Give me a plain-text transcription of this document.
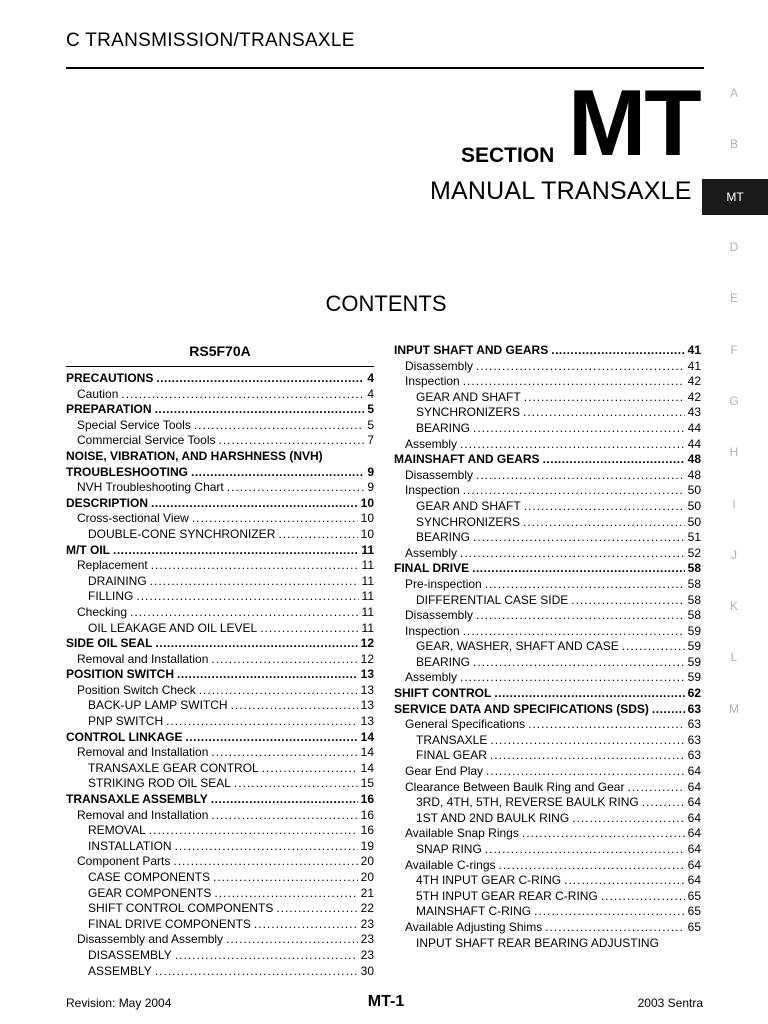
C TRANSMISSION/TRANSAXLE
SECTION MT
MANUAL TRANSAXLE
A
B
MT
D
E
F
G
H
I
J
K
L
M
CONTENTS
RS5F70A
PRECAUTIONS .....	4
Caution .....	4
PREPARATION .....	5
Special Service Tools .....	5
Commercial Service Tools .....	7
NOISE, VIBRATION, AND HARSHNESS (NVH)
TROUBLESHOOTING .....	9
NVH Troubleshooting Chart .....	9
DESCRIPTION .....	10
Cross-sectional View .....	10
DOUBLE-CONE SYNCHRONIZER .....	10
M/T OIL .....	11
Replacement .....	11
DRAINING .....	11
FILLING .....	11
Checking .....	11
OIL LEAKAGE AND OIL LEVEL .....	11
SIDE OIL SEAL .....	12
Removal and Installation .....	12
POSITION SWITCH .....	13
Position Switch Check .....	13
BACK-UP LAMP SWITCH .....	13
PNP SWITCH .....	13
CONTROL LINKAGE .....	14
Removal and Installation .....	14
TRANSAXLE GEAR CONTROL .....	14
STRIKING ROD OIL SEAL .....	15
TRANSAXLE ASSEMBLY .....	16
Removal and Installation .....	16
REMOVAL .....	16
INSTALLATION .....	19
Component Parts .....	20
CASE COMPONENTS .....	20
GEAR COMPONENTS .....	21
SHIFT CONTROL COMPONENTS .....	22
FINAL DRIVE COMPONENTS .....	23
Disassembly and Assembly .....	23
DISASSEMBLY .....	23
ASSEMBLY .....	30
INPUT SHAFT AND GEARS .....	41
Disassembly .....	41
Inspection .....	42
GEAR AND SHAFT .....	42
SYNCHRONIZERS .....	43
BEARING .....	44
Assembly .....	44
MAINSHAFT AND GEARS .....	48
Disassembly .....	48
Inspection .....	50
GEAR AND SHAFT .....	50
SYNCHRONIZERS .....	50
BEARING .....	51
Assembly .....	52
FINAL DRIVE .....	58
Pre-inspection .....	58
DIFFERENTIAL CASE SIDE .....	58
Disassembly .....	58
Inspection .....	59
GEAR, WASHER, SHAFT AND CASE .....	59
BEARING .....	59
Assembly .....	59
SHIFT CONTROL .....	62
SERVICE DATA AND SPECIFICATIONS (SDS) .....	63
General Specifications .....	63
TRANSAXLE .....	63
FINAL GEAR .....	63
Gear End Play .....	64
Clearance Between Baulk Ring and Gear .....	64
3RD, 4TH, 5TH, REVERSE BAULK RING .....	64
1ST AND 2ND BAULK RING .....	64
Available Snap Rings .....	64
SNAP RING .....	64
Available C-rings .....	64
4TH INPUT GEAR C-RING .....	64
5TH INPUT GEAR REAR C-RING .....	65
MAINSHAFT C-RING .....	65
Available Adjusting Shims .....	65
INPUT SHAFT REAR BEARING ADJUSTING
Revision: May 2004	MT-1	2003 Sentra
